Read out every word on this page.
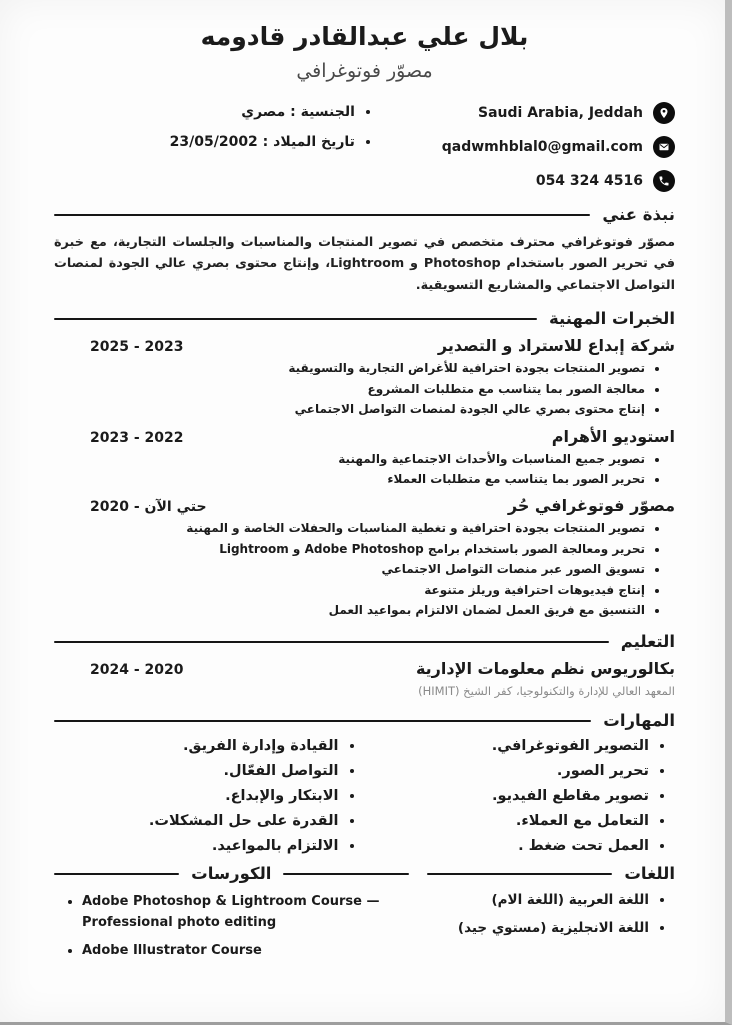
بلال علي عبدالقادر قادومه
مصوّر فوتوغرافي
Saudi Arabia, Jeddah
qadwmhblal0@gmail.com
054 324 4516
• الجنسية : مصري
• تاريخ الميلاد : 23/05/2002
نبذة عني

مصوّر فوتوغرافي محترف متخصص في تصوير المنتجات والمناسبات والجلسات التجارية، مع خبرة في تحرير الصور باستخدام Photoshop و Lightroom، وإنتاج محتوى بصري عالي الجودة لمنصات التواصل الاجتماعي والمشاريع التسويقية.

الخبرات المهنية
شركة إبداع للاستراد و التصدير
2025 - 2023
• تصوير المنتجات بجودة احترافية للأغراض التجارية والتسويقية
• معالجة الصور بما يتناسب مع متطلبات المشروع
• إنتاج محتوى بصري عالي الجودة لمنصات التواصل الاجتماعي
استوديو الأهرام
2023 - 2022
• تصوير جميع المناسبات والأحداث الاجتماعية والمهنية
• تحرير الصور بما يتناسب مع متطلبات العملاء
مصوّر فوتوغرافي حُر
2020 - حتي الآن
• تصوير المنتجات بجودة احترافية و تغطية المناسبات والحفلات الخاصة و المهنية
• تحرير ومعالجة الصور باستخدام برامج Adobe Photoshop و Lightroom
• تسويق الصور عبر منصات التواصل الاجتماعي
• إنتاج فيديوهات احترافية وريلز متنوعة
• التنسيق مع فريق العمل لضمان الالتزام بمواعيد العمل
التعليم
بكالوريوس نظم معلومات الإدارية
2024 - 2020
المعهد العالي للإدارة والتكنولوجيا، كفر الشيخ (HIMIT)
المهارات
• التصوير الفوتوغرافي.
• تحرير الصور.
• تصوير مقاطع الفيديو.
• التعامل مع العملاء.
• العمل تحت ضغط .
• القيادة وإدارة الفريق.
• التواصل الفعّال.
• الابتكار والإبداع.
• القدرة على حل المشكلات.
• الالتزام بالمواعيد.
اللغات
• اللغة العربية (اللغة الام)
• اللغة الانجليزية (مستوي جيد)
الكورسات
• Adobe Photoshop & Lightroom Course — Professional photo editing
• Adobe Illustrator Course
